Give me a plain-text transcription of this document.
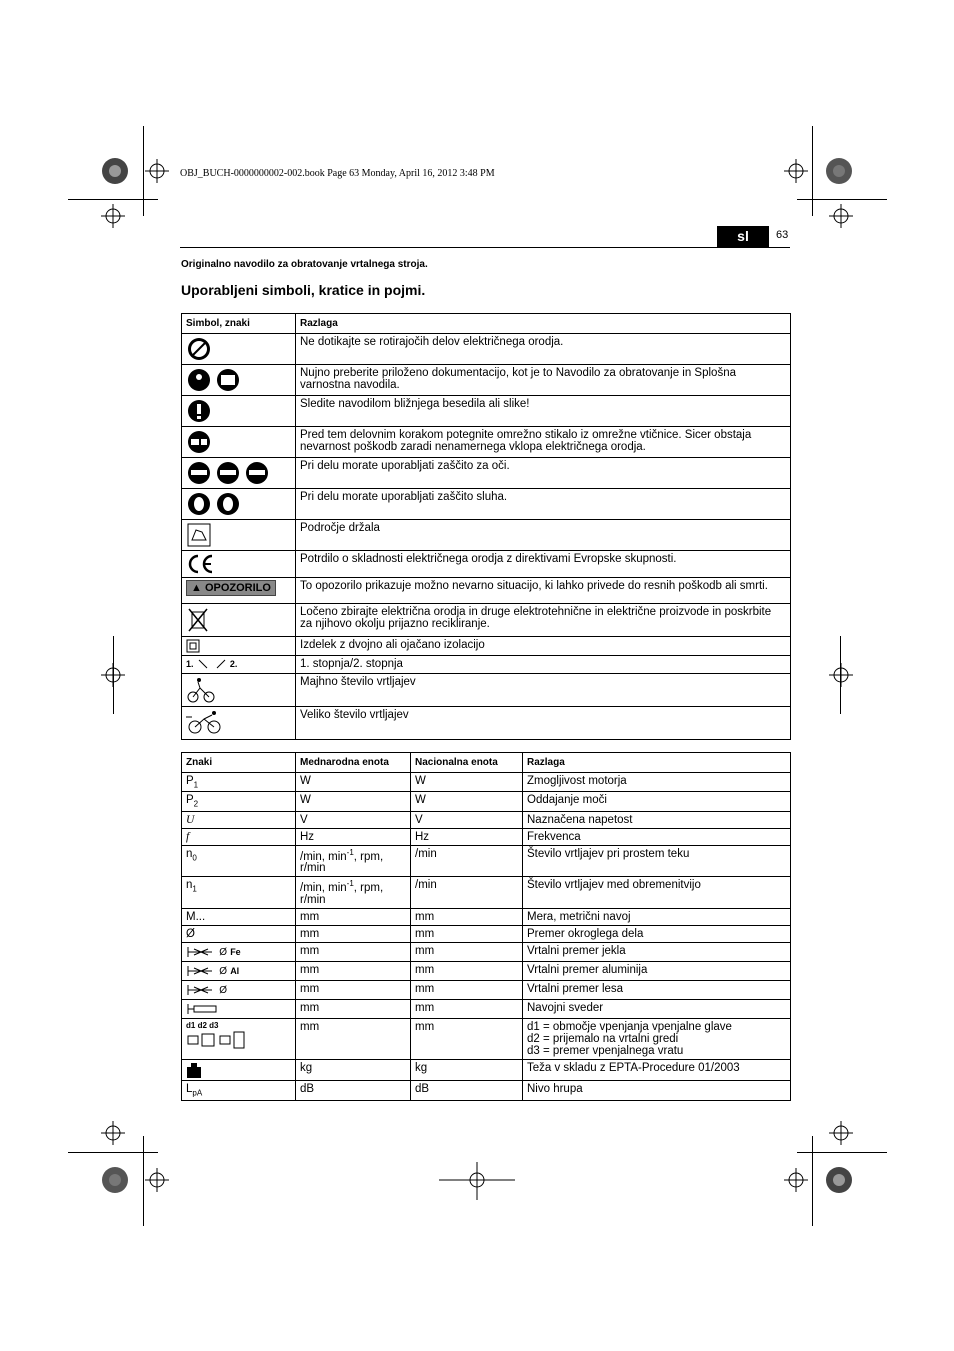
OBJ_BUCH-0000000002-002.book Page 63 Monday, April 16, 2012 3:48 PM
sl	63
Originalno navodilo za obratovanje vrtalnega stroja.
Uporabljeni simboli, kratice in pojmi.
Simbol, znaki	Razlaga
	Ne dotikajte se rotirajočih delov električnega orodja.
	Nujno preberite priloženo dokumentacijo, kot je to Navodilo za obratovanje in Splošna varnostna navodila.
	Sledite navodilom bližnjega besedila ali slike!
	Pred tem delovnim korakom potegnite omrežno stikalo iz omrežne vtičnice. Sicer obstaja nevarnost poškodb zaradi nenamernega vklopa električnega orodja.
	Pri delu morate uporabljati zaščito za oči.
	Pri delu morate uporabljati zaščito sluha.
	Področje držala
	Potrdilo o skladnosti električnega orodja z direktivami Evropske skupnosti.
▲ OPOZORILO	To opozorilo prikazuje možno nevarno situacijo, ki lahko privede do resnih poškodb ali smrti.
	Ločeno zbirajte električna orodja in druge elektrotehnične in električne proizvode in poskrbite za njihovo okolju prijazno recikliranje.
	Izdelek z dvojno ali ojačano izolacijo
1. 2.	1. stopnja/2. stopnja
	Majhno število vrtljajev
	Veliko število vrtljajev
Znaki	Mednarodna enota	Nacionalna enota	Razlaga
$P_1$	W	W	Zmogljivost motorja
$P_2$	W	W	Oddajanje moči
U	V	V	Naznačena napetost
f	Hz	Hz	Frekvenca
$n_0$	/min, $\min^{-1}$, rpm, r/min	/min	Število vrtljajev pri prostem teku
$n_1$	/min, $\min^{-1}$, rpm, r/min	/min	Število vrtljajev med obremenitvijo
M...	mm	mm	Mera, metrični navoj
Ø	mm	mm	Premer okroglega dela
Ø Fe	mm	mm	Vrtalni premer jekla
Ø Al	mm	mm	Vrtalni premer aluminija
Ø	mm	mm	Vrtalni premer lesa
	mm	mm	Navojni sveder
d1 d2 d3	mm	mm	d1 = območje vpenjanja vpenjalne glave
d2 = prijemalo na vrtalni gredi
d3 = premer vpenjalnega vratu

	kg	kg	Teža v skladu z EPTA-Procedure 01/2003
$L_{pA}$	dB	dB	Nivo hrupa
